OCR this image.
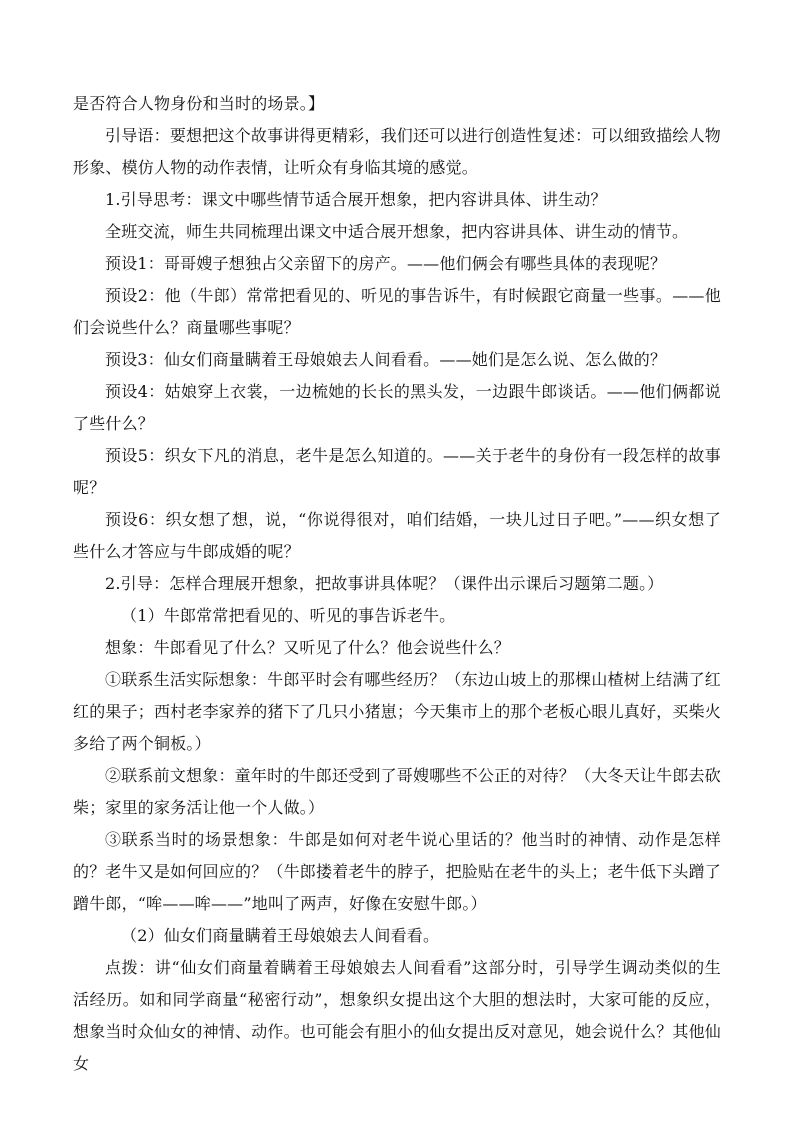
是否符合人物身份和当时的场景。】

引导语：要想把这个故事讲得更精彩，我们还可以进行创造性复述：可以细致描绘人物形象、模仿人物的动作表情，让听众有身临其境的感觉。

1.引导思考：课文中哪些情节适合展开想象，把内容讲具体、讲生动？

全班交流，师生共同梳理出课文中适合展开想象，把内容讲具体、讲生动的情节。

预设1：哥哥嫂子想独占父亲留下的房产。——他们俩会有哪些具体的表现呢？

预设2：他（牛郎）常常把看见的、听见的事告诉牛，有时候跟它商量一些事。——他们会说些什么？商量哪些事呢？

预设3：仙女们商量瞒着王母娘娘去人间看看。——她们是怎么说、怎么做的？

预设4：姑娘穿上衣裳，一边梳她的长长的黑头发，一边跟牛郎谈话。——他们俩都说了些什么？

预设5：织女下凡的消息，老牛是怎么知道的。——关于老牛的身份有一段怎样的故事呢？

预设6：织女想了想，说，“你说得很对，咱们结婚，一块儿过日子吧。”——织女想了些什么才答应与牛郎成婚的呢？

2.引导：怎样合理展开想象，把故事讲具体呢？（课件出示课后习题第二题。）

（1）牛郎常常把看见的、听见的事告诉老牛。

想象：牛郎看见了什么？又听见了什么？他会说些什么？

①联系生活实际想象：牛郎平时会有哪些经历？（东边山坡上的那棵山楂树上结满了红红的果子；西村老李家养的猪下了几只小猪崽；今天集市上的那个老板心眼儿真好，买柴火多给了两个铜板。）

②联系前文想象：童年时的牛郎还受到了哥嫂哪些不公正的对待？（大冬天让牛郎去砍柴；家里的家务活让他一个人做。）

③联系当时的场景想象：牛郎是如何对老牛说心里话的？他当时的神情、动作是怎样的？老牛又是如何回应的？（牛郎搂着老牛的脖子，把脸贴在老牛的头上；老牛低下头蹭了蹭牛郎，“哞——哞——”地叫了两声，好像在安慰牛郎。）

（2）仙女们商量瞒着王母娘娘去人间看看。

点拨：讲“仙女们商量着瞒着王母娘娘去人间看看”这部分时，引导学生调动类似的生活经历。如和同学商量“秘密行动”，想象织女提出这个大胆的想法时，大家可能的反应，想象当时众仙女的神情、动作。也可能会有胆小的仙女提出反对意见，她会说什么？其他仙女
